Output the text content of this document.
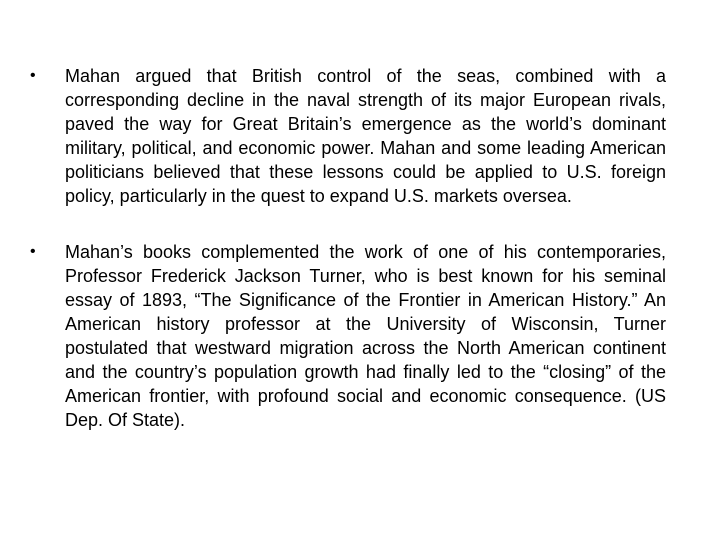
•	Mahan argued that British control of the seas, combined with a corresponding decline in the naval strength of its major European rivals, paved the way for Great Britain’s emergence as the world’s dominant military, political, and economic power. Mahan and some leading American politicians believed that these lessons could be applied to U.S. foreign policy, particularly in the quest to expand U.S. markets oversea.
•	Mahan’s books complemented the work of one of his contemporaries, Professor Frederick Jackson Turner, who is best known for his seminal essay of 1893, “The Significance of the Frontier in American History.” An American history professor at the University of Wisconsin, Turner postulated that westward migration across the North American continent and the country’s population growth had finally led to the “closing” of the American frontier, with profound social and economic consequence. (US Dep. Of State).
